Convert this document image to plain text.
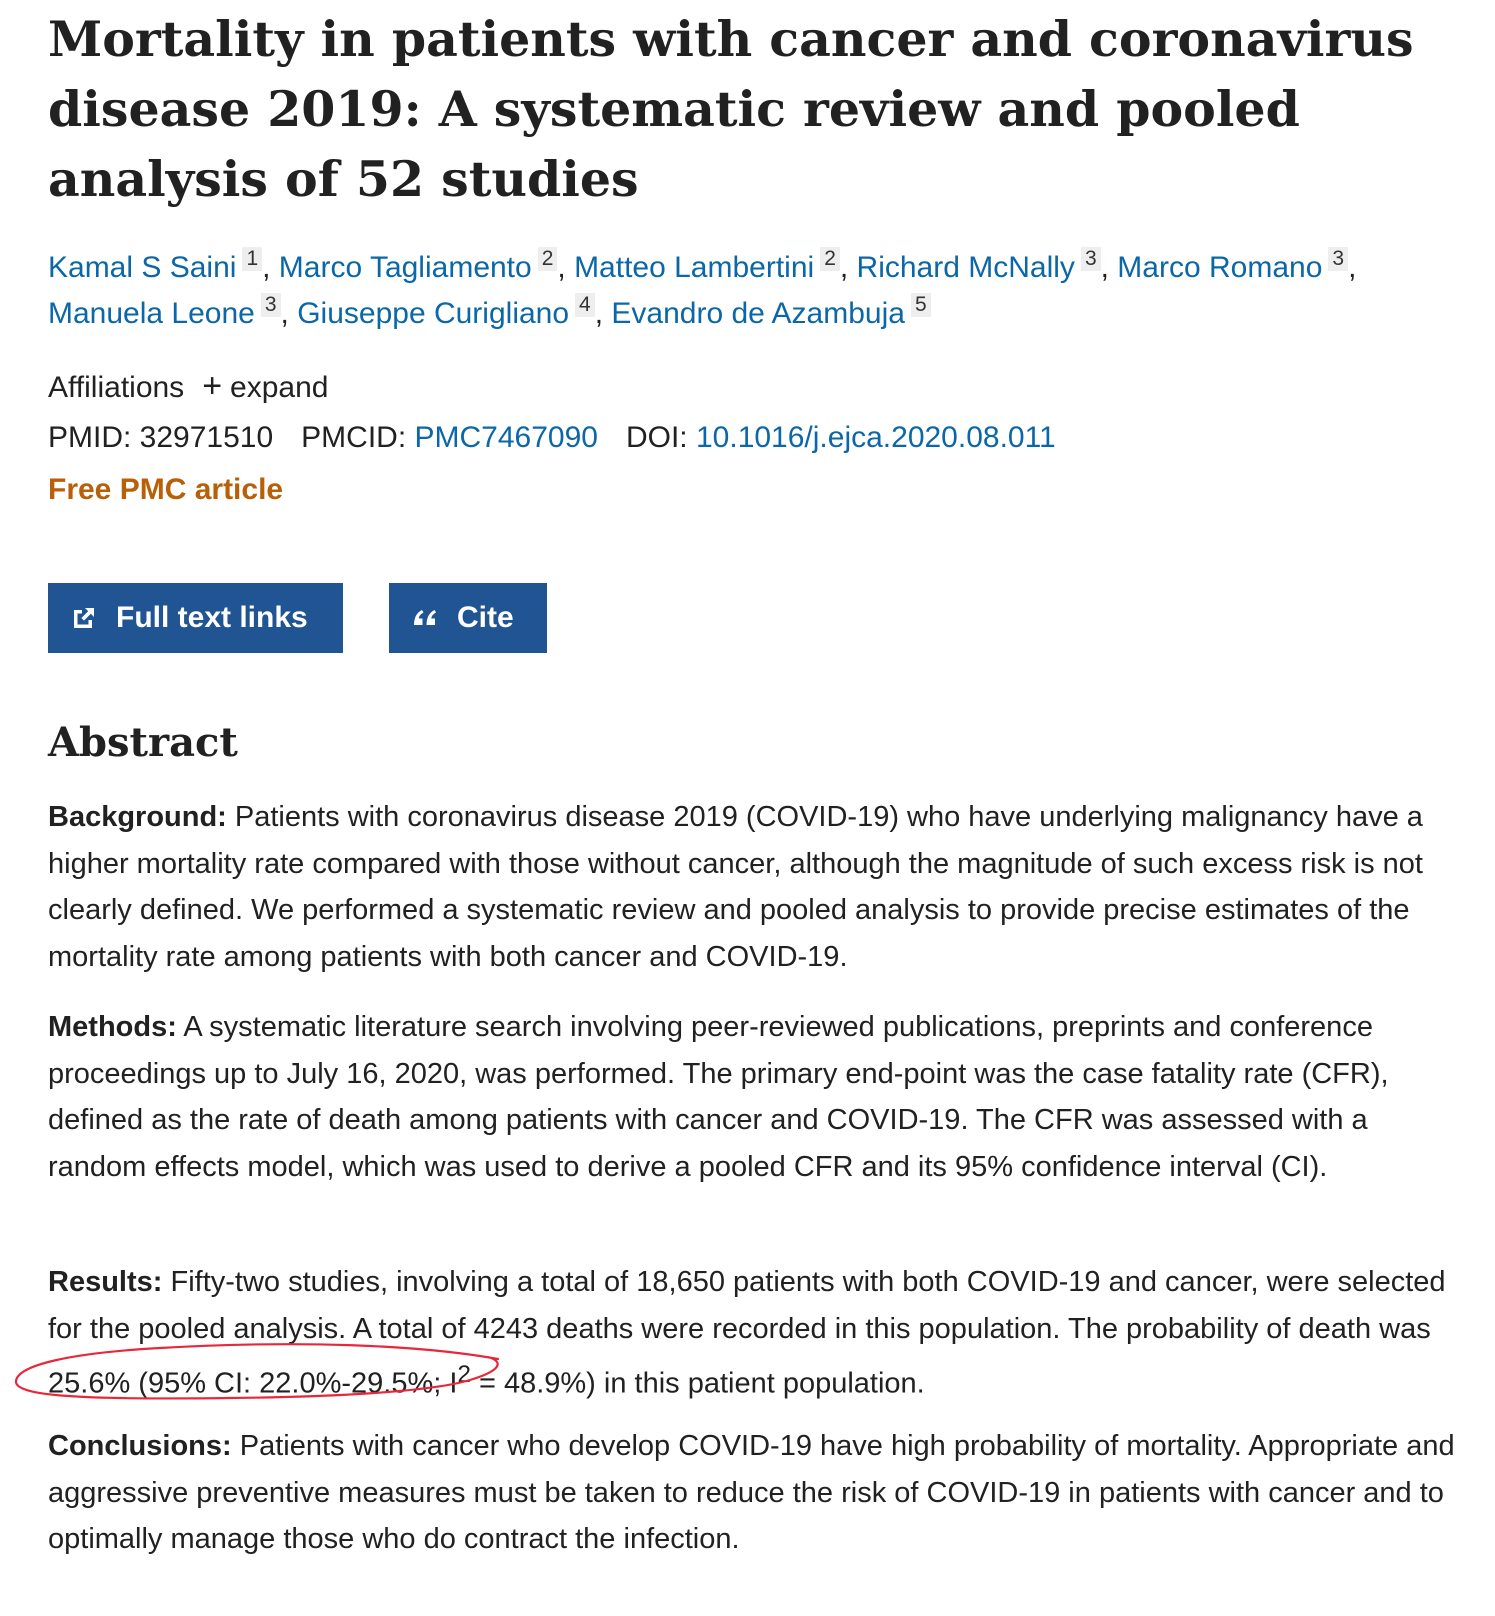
Mortality in patients with cancer and coronavirus disease 2019: A systematic review and pooled analysis of 52 studies
Kamal S Saini 1 , Marco Tagliamento 2 , Matteo Lambertini 2 , Richard McNally 3 , Marco Romano 3 ,
Manuela Leone 3 , Giuseppe Curigliano 4 , Evandro de Azambuja 5
Affiliations + expand
PMID: 32971510 PMCID: PMC7467090 DOI: 10.1016/j.ejca.2020.08.011
Free PMC article
Full text links	Cite
Abstract

Background: Patients with coronavirus disease 2019 (COVID-19) who have underlying malignancy have a higher mortality rate compared with those without cancer, although the magnitude of such excess risk is not clearly defined. We performed a systematic review and pooled analysis to provide precise estimates of the mortality rate among patients with both cancer and COVID-19.

Methods: A systematic literature search involving peer-reviewed publications, preprints and conference proceedings up to July 16, 2020, was performed. The primary end-point was the case fatality rate (CFR), defined as the rate of death among patients with cancer and COVID-19. The CFR was assessed with a random effects model, which was used to derive a pooled CFR and its 95% confidence interval (CI).

Results: Fifty-two studies, involving a total of 18,650 patients with both COVID-19 and cancer, were selected for the pooled analysis. A total of 4243 deaths were recorded in this population. The probability of death was 25.6% (95% CI: 22.0%-29.5%; $I^2 = 48.9\%$) in this patient population.

Conclusions: Patients with cancer who develop COVID-19 have high probability of mortality. Appropriate and aggressive preventive measures must be taken to reduce the risk of COVID-19 in patients with cancer and to optimally manage those who do contract the infection.
